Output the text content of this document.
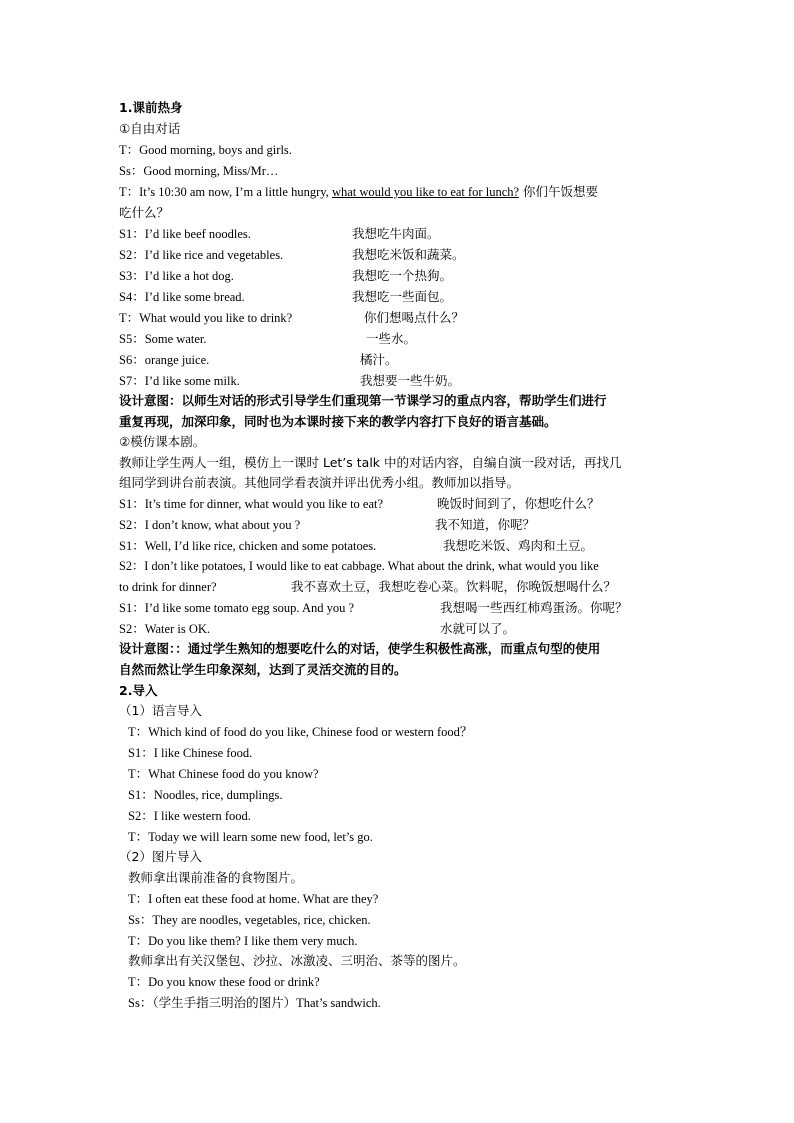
1.课前热身
①自由对话
T：Good morning, boys and girls.
Ss：Good morning, Miss/Mr…
T：It’s 10:30 am now, I’m a little hungry, what would you like to eat for lunch? 你们午饭想要
吃什么？
S1：I’d like beef noodles.	我想吃牛肉面。
S2：I’d like rice and vegetables.	我想吃米饭和蔬菜。
S3：I’d like a hot dog.	我想吃一个热狗。
S4：I’d like some bread.	我想吃一些面包。
T：What would you like to drink?	你们想喝点什么？
S5：Some water.	一些水。
S6：orange juice.	橘汁。
S7：I’d like some milk.	我想要一些牛奶。
设计意图：以师生对话的形式引导学生们重现第一节课学习的重点内容，帮助学生们进行
重复再现，加深印象，同时也为本课时接下来的教学内容打下良好的语言基础。
②模仿课本剧。
教师让学生两人一组，模仿上一课时 Let’s talk 中的对话内容，自编自演一段对话，再找几
组同学到讲台前表演。其他同学看表演并评出优秀小组。教师加以指导。
S1：It’s time for dinner, what would you like to eat?	晚饭时间到了，你想吃什么？
S2：I don’t know, what about you ?	我不知道，你呢？
S1：Well, I’d like rice, chicken and some potatoes.	我想吃米饭、鸡肉和土豆。
S2：I don’t like potatoes, I would like to eat cabbage. What about the drink, what would you like
to drink for dinner?	我不喜欢土豆，我想吃卷心菜。饮料呢，你晚饭想喝什么？
S1：I’d like some tomato egg soup. And you ?	我想喝一些西红柿鸡蛋汤。你呢？
S2：Water is OK.	水就可以了。
设计意图：：通过学生熟知的想要吃什么的对话，使学生积极性高涨，而重点句型的使用
自然而然让学生印象深刻，达到了灵活交流的目的。
2.导入
（1）语言导入
T：Which kind of food do you like, Chinese food or western food？
S1：I like Chinese food.
T：What Chinese food do you know?
S1：Noodles, rice, dumplings.
S2：I like western food.
T：Today we will learn some new food, let’s go.
（2）图片导入
教师拿出课前准备的食物图片。
T：I often eat these food at home. What are they?
Ss：They are noodles, vegetables, rice, chicken.
T：Do you like them? I like them very much.
教师拿出有关汉堡包、沙拉、冰激凌、三明治、茶等的图片。
T：Do you know these food or drink?
Ss：（学生手指三明治的图片）That’s sandwich.
